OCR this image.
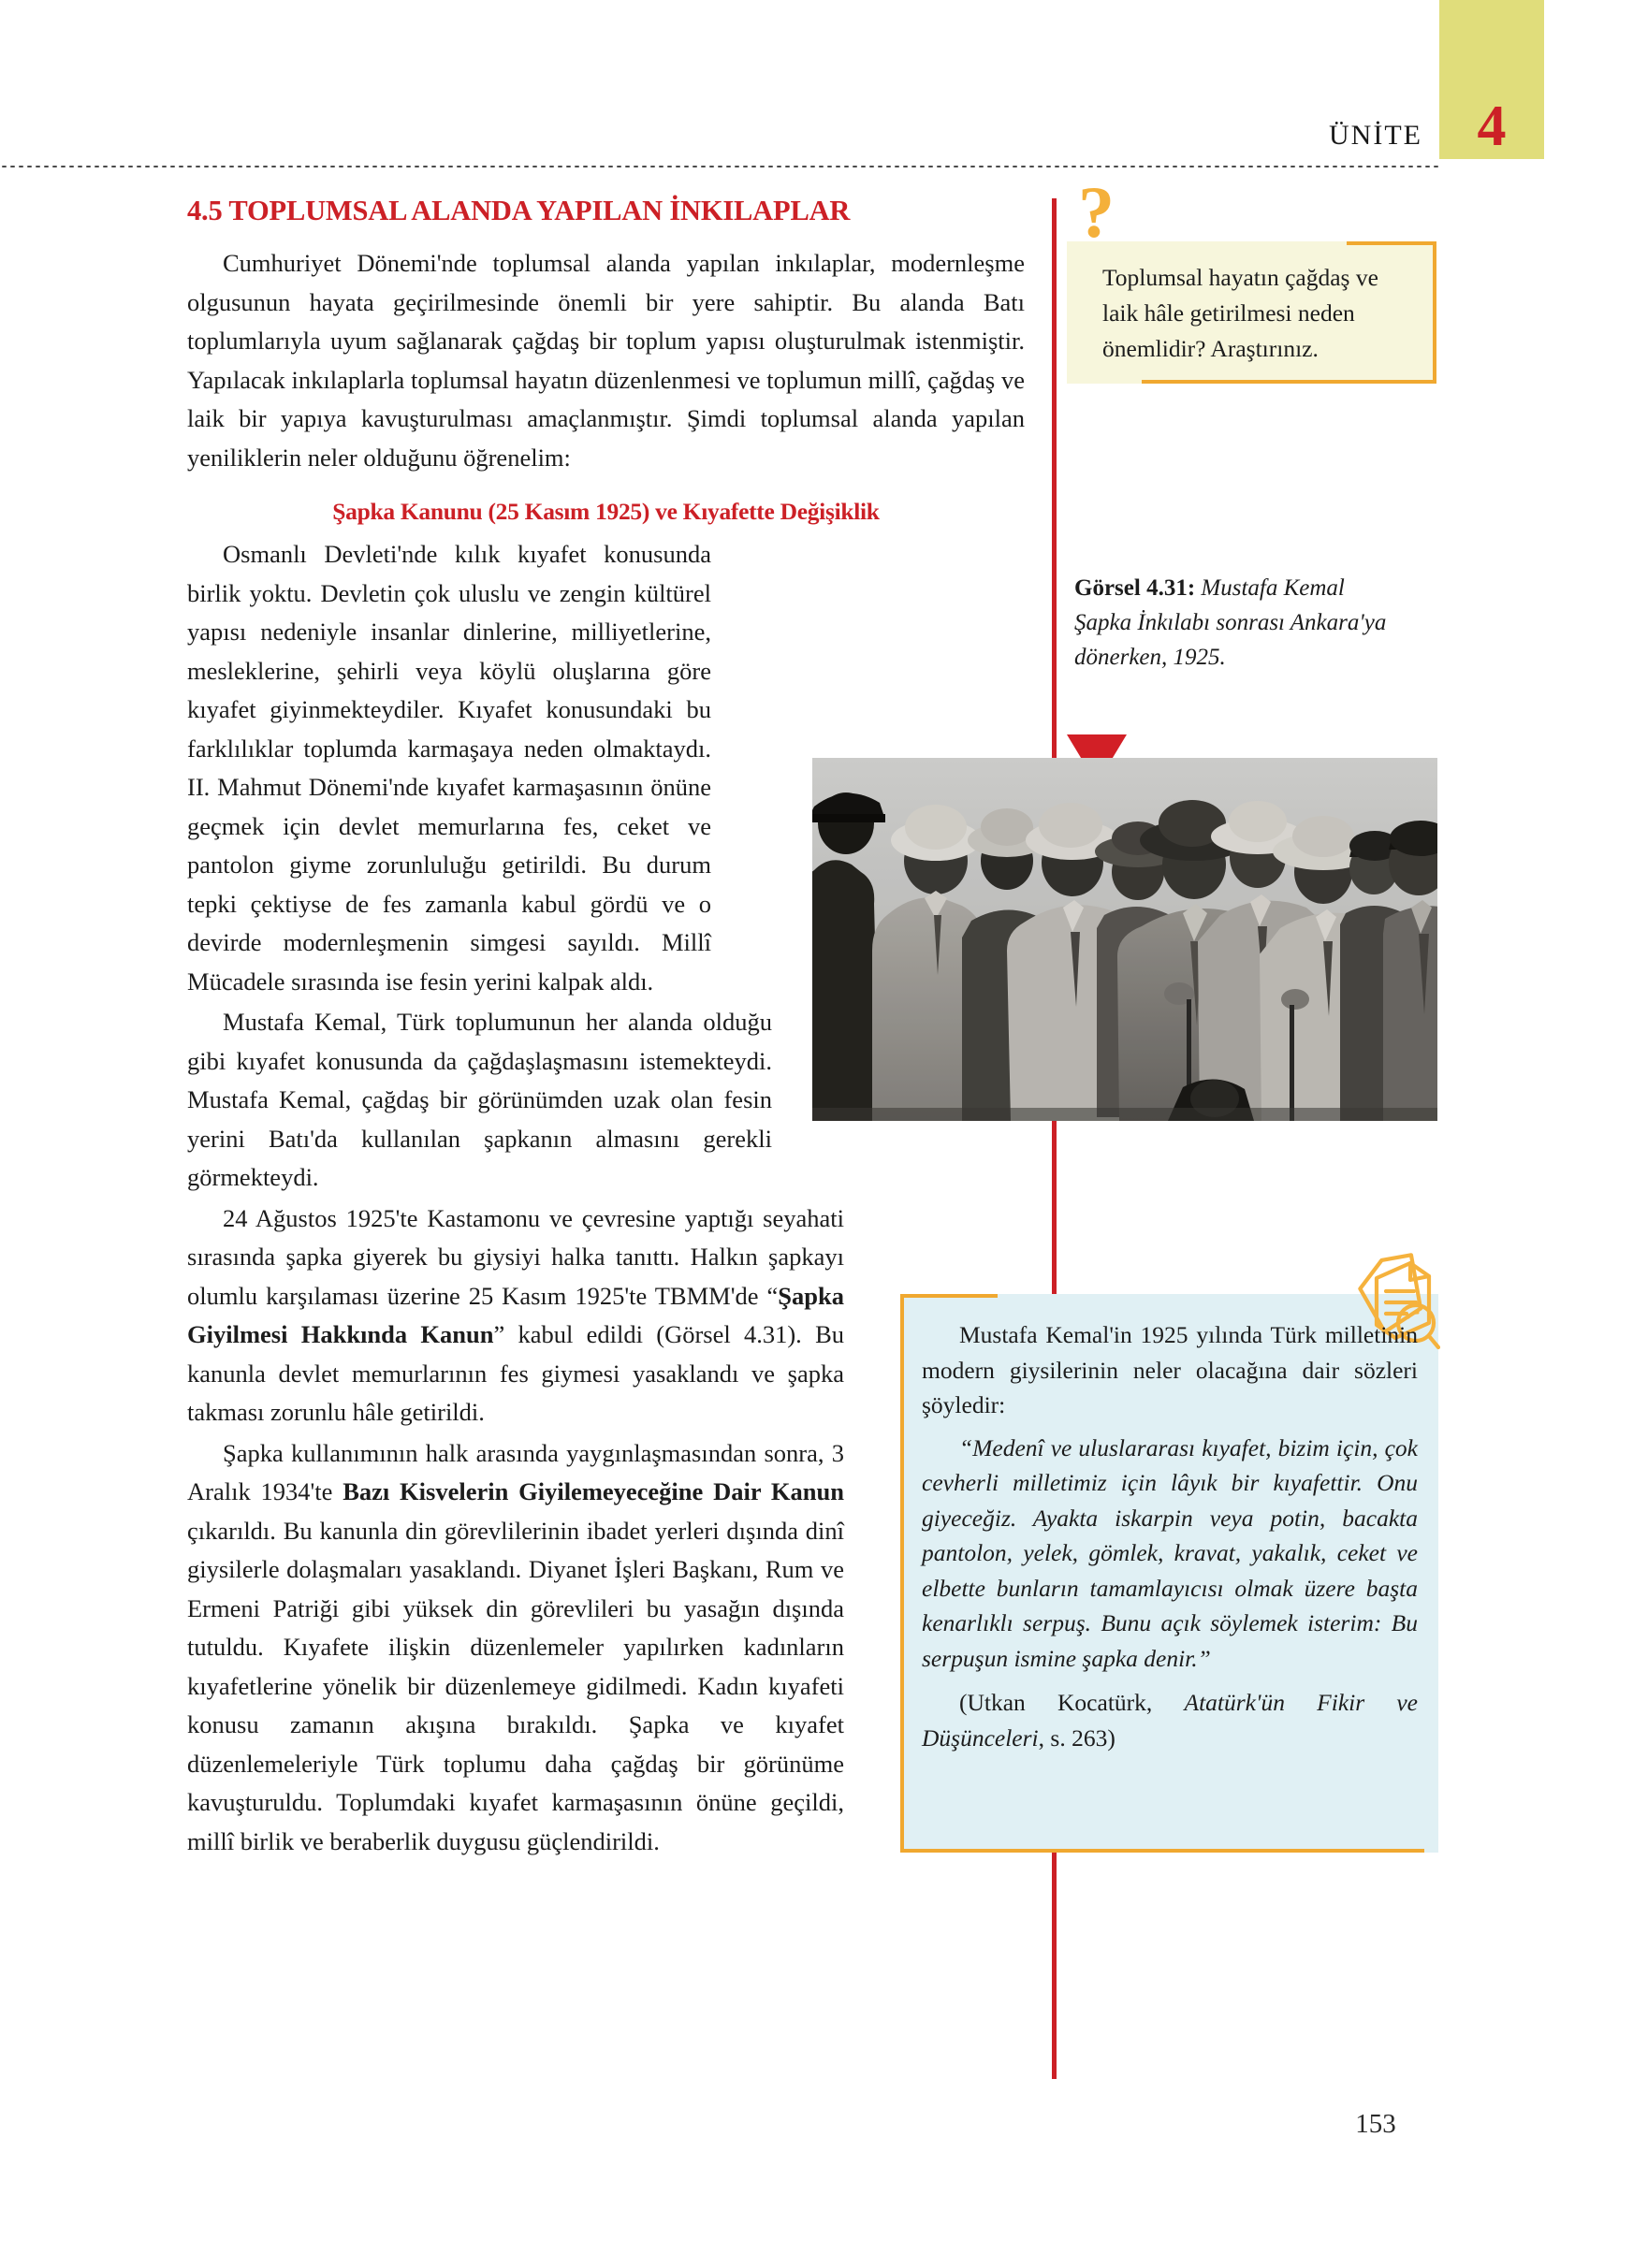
4
ÜNİTE
4.5 TOPLUMSAL ALANDA YAPILAN İNKILAPLAR

Cumhuriyet Dönemi'nde toplumsal alanda yapılan inkılaplar, modernleşme olgusunun hayata geçirilmesinde önemli bir yere sahiptir. Bu alanda Batı toplumlarıyla uyum sağlanarak çağdaş bir toplum yapısı oluşturulmak istenmiştir. Yapılacak inkılaplarla toplumsal hayatın düzenlenmesi ve toplumun millî, çağdaş ve laik bir yapıya kavuşturulması amaçlanmıştır. Şimdi toplumsal alanda yapılan yeniliklerin neler olduğunu öğrenelim:

Şapka Kanunu (25 Kasım 1925) ve Kıyafette Değişiklik

Osmanlı Devleti'nde kılık kıyafet konusunda birlik yoktu. Devletin çok uluslu ve zengin kültürel yapısı nedeniyle insanlar dinlerine, milliyetlerine, mesleklerine, şehirli veya köylü oluşlarına göre kıyafet giyinmekteydiler. Kıyafet konusundaki bu farklılıklar toplumda karmaşaya neden olmaktaydı. II. Mahmut Dönemi'nde kıyafet karmaşasının önüne geçmek için devlet memurlarına fes, ceket ve pantolon giyme zorunluluğu getirildi. Bu durum tepki çektiyse de fes zamanla kabul gördü ve o devirde modernleşmenin simgesi sayıldı. Millî Mücadele sırasında ise fesin yerini kalpak aldı.

Mustafa Kemal, Türk toplumunun her alanda olduğu gibi kıyafet konusunda da çağdaşlaşmasını istemekteydi. Mustafa Kemal, çağdaş bir görünümden uzak olan fesin yerini Batı'da kullanılan şapkanın almasını gerekli görmekteydi.

24 Ağustos 1925'te Kastamonu ve çevresine yaptığı seyahati sırasında şapka giyerek bu giysiyi halka tanıttı. Halkın şapkayı olumlu karşılaması üzerine 25 Kasım 1925'te TBMM'de “Şapka Giyilmesi Hakkında Kanun” kabul edildi (Görsel 4.31). Bu kanunla devlet memurlarının fes giymesi yasaklandı ve şapka takması zorunlu hâle getirildi.

Şapka kullanımının halk arasında yaygınlaşmasından sonra, 3 Aralık 1934'te Bazı Kisvelerin Giyilemeyeceğine Dair Kanun çıkarıldı. Bu kanunla din görevlilerinin ibadet yerleri dışında dinî giysilerle dolaşmaları yasaklandı. Diyanet İşleri Başkanı, Rum ve Ermeni Patriği gibi yüksek din görevlileri bu yasağın dışında tutuldu. Kıyafete ilişkin düzenlemeler yapılırken kadınların kıyafetlerine yönelik bir düzenlemeye gidilmedi. Kadın kıyafeti konusu zamanın akışına bırakıldı. Şapka ve kıyafet düzenlemeleriyle Türk toplumu daha çağdaş bir görünüme kavuşturuldu. Toplumdaki kıyafet karmaşasının önüne geçildi, millî birlik ve beraberlik duygusu güçlendirildi.

?
Toplumsal hayatın çağdaş ve laik hâle getirilmesi neden önemlidir? Araştırınız.
Görsel 4.31: Mustafa Kemal Şapka İnkılabı sonrası Ankara'ya dönerken, 1925.

Mustafa Kemal'in 1925 yılında Türk milletinin modern giysilerinin neler olacağına dair sözleri şöyledir:

“Medenî ve uluslararası kıyafet, bizim için, çok cevherli milletimiz için lâyık bir kıyafettir. Onu giyeceğiz. Ayakta iskarpin veya potin, bacakta pantolon, yelek, gömlek, kravat, yakalık, ceket ve elbette bunların tamamlayıcısı olmak üzere başta kenarlıklı serpuş. Bunu açık söylemek isterim: Bu serpuşun ismine şapka denir.”

(Utkan Kocatürk, Atatürk'ün Fikir ve Düşünceleri, s. 263)

153
